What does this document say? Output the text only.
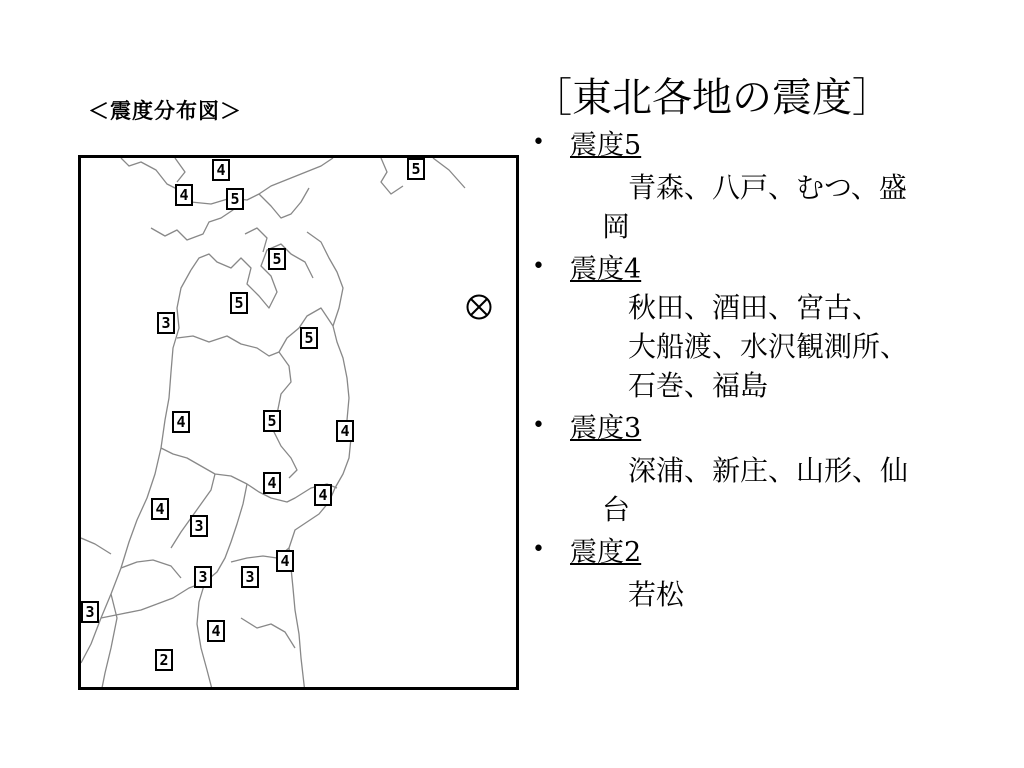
＜震度分布図＞
4
4	5
5
5
3
5
5
4	5
4
4
4
4
3
3	3
4
3
4
2
［東北各地の震度］
• 震度5
青森、八戸、むつ、盛
岡
• 震度4
秋田、酒田、宮古、
大船渡、水沢観測所、
石巻、福島
• 震度3
深浦、新庄、山形、仙
台
• 震度2
若松
